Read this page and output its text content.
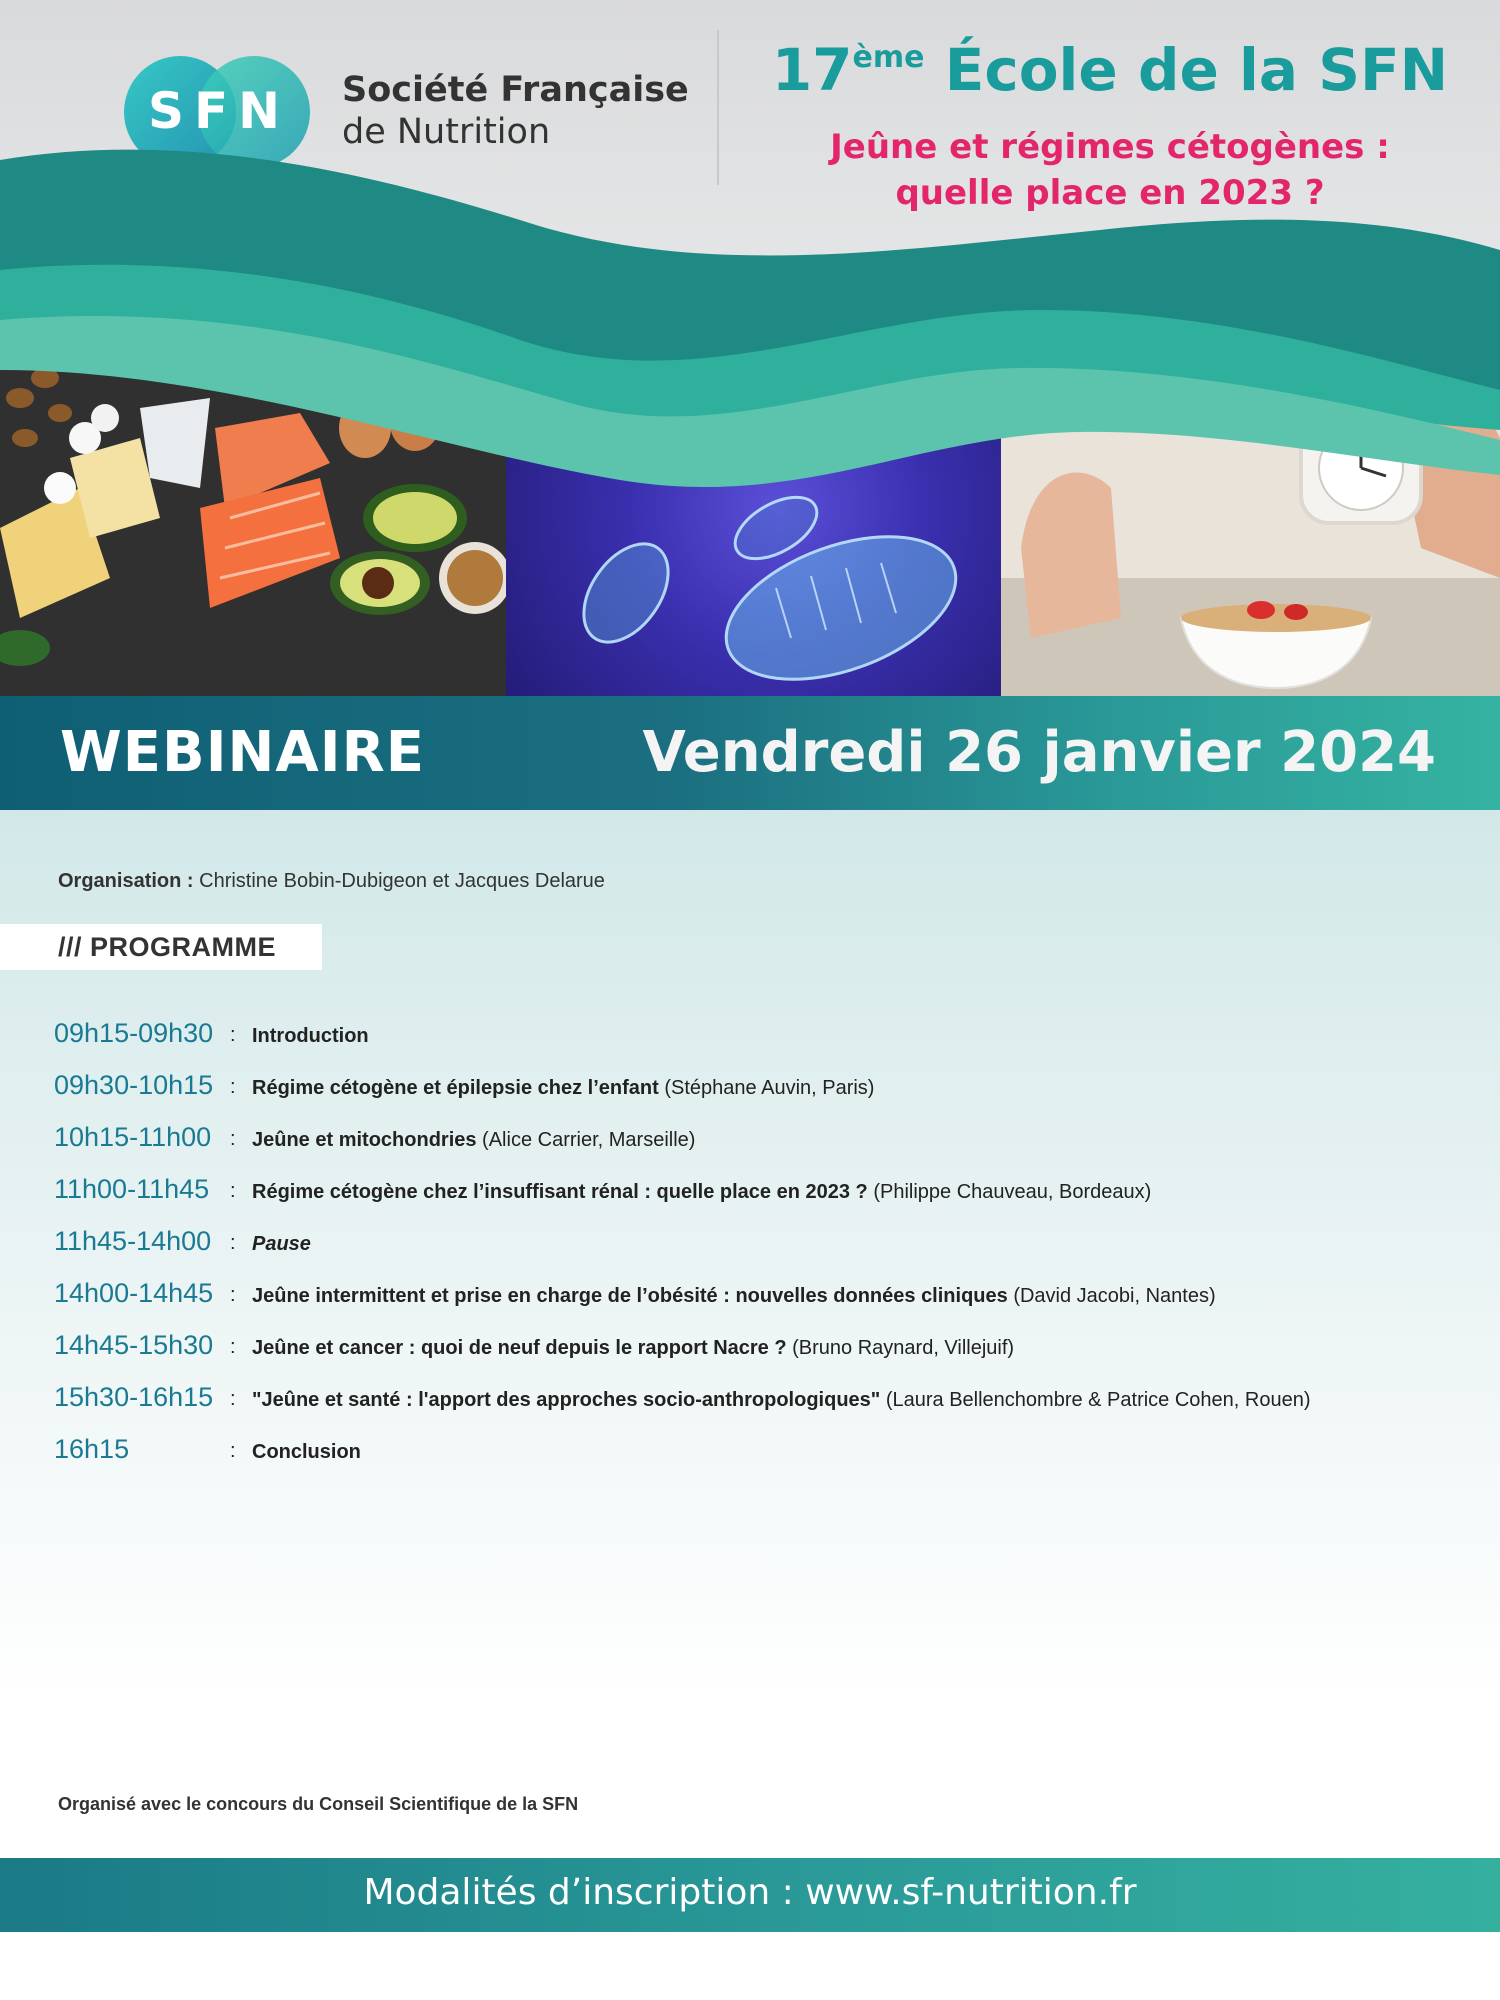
SFN	Société Française
de Nutrition
17ème École de la SFN
Jeûne et régimes cétogènes :
quelle place en 2023 ?
WEBINAIRE	Vendredi 26 janvier 2024
Organisation : Christine Bobin-Dubigeon et Jacques Delarue
/// PROGRAMME
09h15-09h30 : Introduction
09h30-10h15 : Régime cétogène et épilepsie chez l’enfant (Stéphane Auvin, Paris)
10h15-11h00 : Jeûne et mitochondries (Alice Carrier, Marseille)
11h00-11h45 : Régime cétogène chez l’insuffisant rénal : quelle place en 2023 ? (Philippe Chauveau, Bordeaux)
11h45-14h00 : Pause
14h00-14h45 : Jeûne intermittent et prise en charge de l’obésité : nouvelles données cliniques (David Jacobi, Nantes)
14h45-15h30 : Jeûne et cancer : quoi de neuf depuis le rapport Nacre ? (Bruno Raynard, Villejuif)
15h30-16h15 : "Jeûne et santé : l'apport des approches socio-anthropologiques" (Laura Bellenchombre & Patrice Cohen, Rouen)
16h15	: Conclusion
Organisé avec le concours du Conseil Scientifique de la SFN
Modalités d’inscription : www.sf-nutrition.fr
